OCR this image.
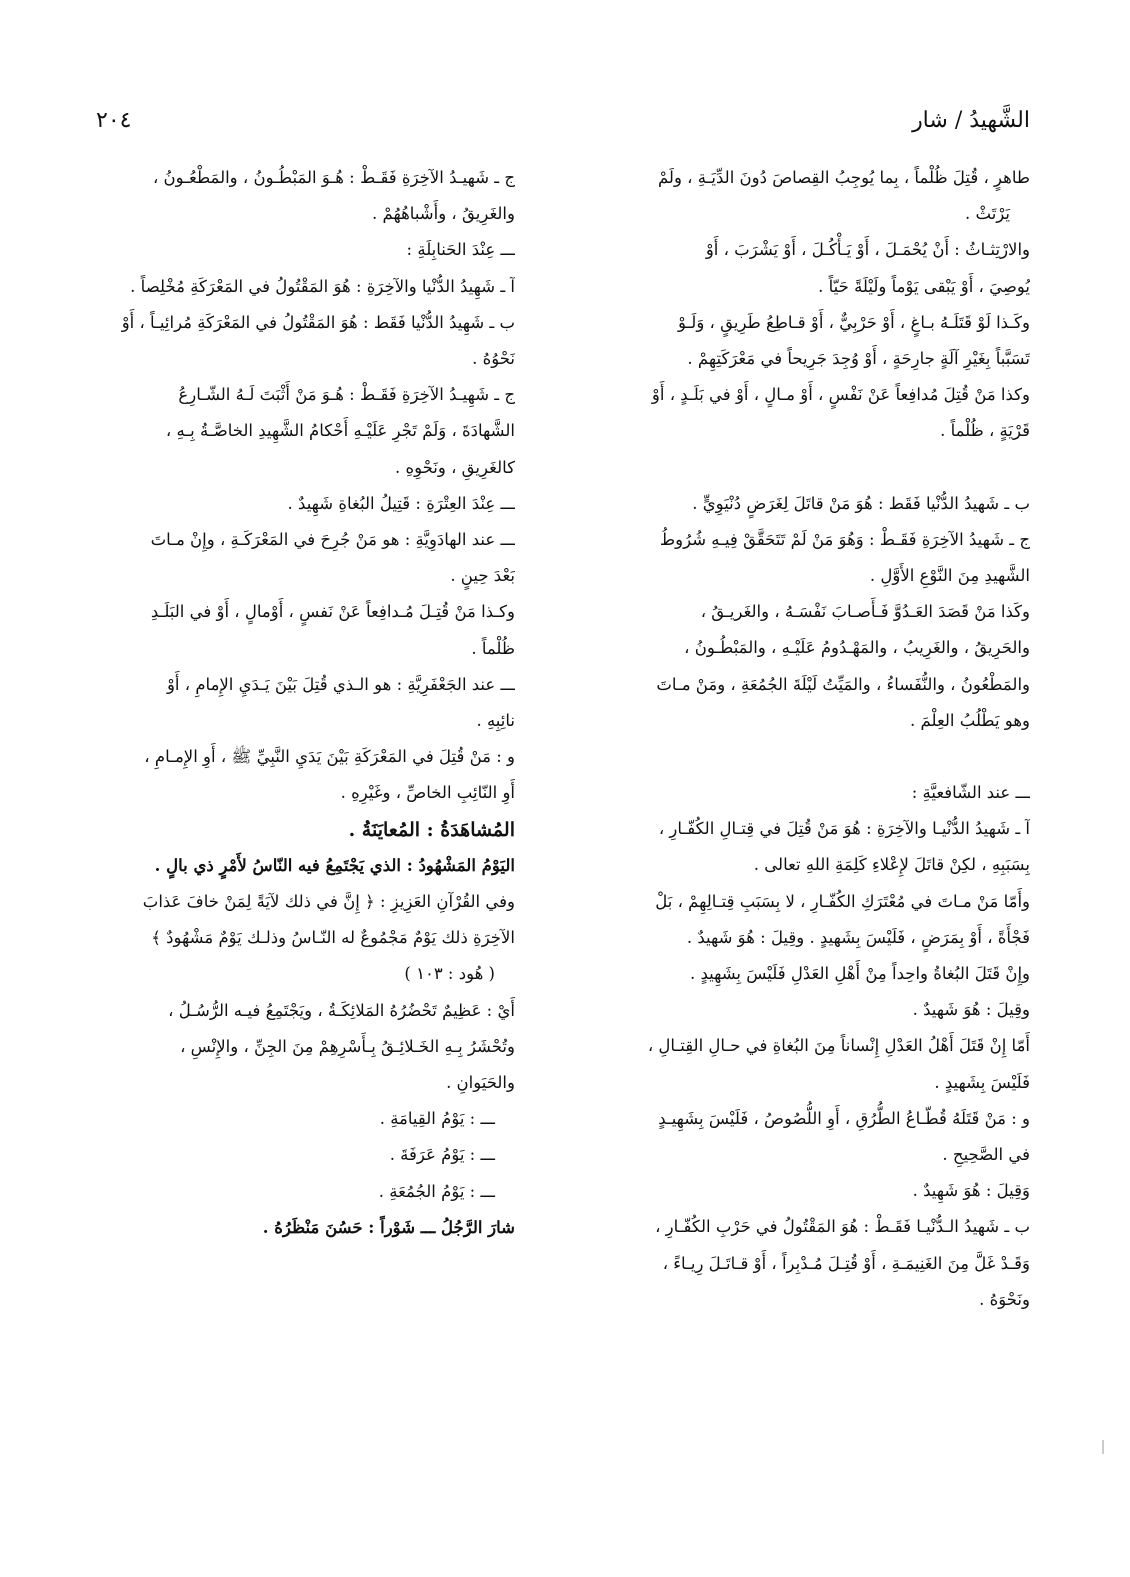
الشَّهيدُ / شار
٢٠٤
طاهرٍ ، قُتِلَ ظُلْماً ، بِما يُوجِبُ القِصاصَ دُونَ الدِّيَـةِ ، ولَمْ
يَرْتَثْ .
والارْتِثـاثُ : أَنْ يُحْمَـلَ ، أَوْ يَـأْكُـلَ ، أَوْ يَشْرَبَ ، أَوْ
يُوصِيَ ، أَوْ يَبْقى يَوْماً ولَيْلَةً حَيّاً .
وكَـذا لَوْ قَتَلَـهُ بـاغٍ ، أَوْ حَرْبِيٌّ ، أَوْ قـاطِعُ طَرِيقٍ ، وَلَـوْ
تَسَبَّباً بِغَيْرِ آلَةٍ جارِحَةٍ ، أَوْ وُجِدَ جَرِيحاً في مَعْرَكَتِهِمْ .
وكذا مَنْ قُتِلَ مُدافِعاً عَنْ نَفْسٍ ، أَوْ مـالٍ ، أَوْ في بَلَـدٍ ، أَوْ
قَرْيَةٍ ، ظُلْماً .
ب ـ شَهيدُ الدُّنْيا فَقَط : هُوَ مَنْ قاتَلَ لِغَرَضٍ دُنْيَوِيٍّ .
ج ـ شَهيدُ الآخِرَةِ فَقَـطْ : وَهُوَ مَنْ لَمْ تَتَحَقَّقْ فِيـهِ شُرُوطُ
الشَّهيدِ مِنَ النَّوْعِ الأَوَّلِ .
وكَذا مَنْ قَصَدَ العَـدُوَّ فَـأَصـابَ نَفْسَـهُ ، والغَريـقُ ،
والحَرِيقُ ، والغَرِيبُ ، والمَهْـدُومُ عَلَيْـهِ ، والمَبْطُـونُ ،
والمَطْعُونُ ، والنُّفَساءُ ، والمَيِّتُ لَيْلَةَ الجُمُعَةِ ، ومَنْ مـاتَ
وهو يَطْلُبُ العِلْمَ .
ـــ عند الشّافعيَّةِ :
آ ـ شَهيدُ الدُّنْيـا والآخِرَةِ : هُوَ مَنْ قُتِلَ في قِتـالِ الكُفّـارِ ،
بِسَبَبِهِ ، لكِنْ قاتَلَ لإِعْلاءِ كَلِمَةِ اللهِ تعالى .
وأَمّا مَنْ مـاتَ في مُعْتَرَكِ الكُفّـارِ ، لا بِسَبَبِ قِتـالِهِمْ ، بَلْ
فَجْأَةً ، أَوْ بِمَرَضٍ ، فَلَيْسَ بِشَهيدٍ . وقِيلَ : هُوَ شَهيدٌ .
وإِنْ قَتَلَ البُغاةُ واحِداً مِنْ أَهْلِ العَدْلِ فَلَيْسَ بِشَهِيدٍ .
وقِيلَ : هُوَ شَهيدٌ .
أَمّا إِنْ قَتَلَ أَهْلُ العَدْلِ إِنْساناً مِنَ البُغاةِ في حـالِ القِتـالِ ،
فَلَيْسَ بِشَهيدٍ .
و : مَنْ قَتَلَهُ قُطّـاعُ الطُّرُقِ ، أَوِ اللُّصُوصُ ، فَلَيْسَ بِشَهِيـدٍ
في الصَّحِيحِ .
وَقِيلَ : هُوَ شَهِيدٌ .
ب ـ شَهيدُ الـدُّنْيـا فَقَـطْ : هُوَ المَقْتُولُ في حَرْبِ الكُفّـارِ ،
وَقَـدْ غَلَّ مِنَ الغَنِيمَـةِ ، أَوْ قُتِـلَ مُـدْبِراً ، أَوْ قـاتَـلَ رِيـاءً ،
ونَحْوَهُ .
ج ـ شَهيـدُ الآخِرَةِ فَقَـطْ : هُـوَ المَبْطُـونُ ، والمَطْعُـونُ ،
والغَرِيقُ ، وأَشْباهُهُمْ .
ـــ عِنْدَ الحَنابِلَةِ :
آ ـ شَهِيدُ الدُّنْيا والآخِرَةِ : هُوَ المَقْتُولُ في المَعْرَكَةِ مُخْلِصاً .
ب ـ شَهِيدُ الدُّنْيا فَقَط : هُوَ المَقْتُولُ في المَعْرَكَةِ مُرائِيـاً ، أَوْ
نَحْوُهُ .
ج ـ شَهِيـدُ الآخِرَةِ فَقَـطْ : هُـوَ مَنْ أَثْبَتَ لَـهُ الشّـارِعُ
الشَّهادَةَ ، وَلَمْ تَجْرِ عَلَيْـهِ أَحْكامُ الشَّهِيدِ الخاصَّـةُ بِـهِ ،
كالغَرِيقِ ، ونَحْوِهِ .
ـــ عِنْدَ العِتْرَةِ : قَتِيلُ البُغاةِ شَهِيدٌ .
ـــ عند الهادَوِيَّةِ : هو مَنْ جُرِحَ في المَعْرَكَـةِ ، وإِنْ مـاتَ
بَعْدَ حِينٍ .
وكـذا مَنْ قُتِـلَ مُـدافِعاً عَنْ نَفسٍ ، أَوْمالٍ ، أَوْ في البَلَـدِ
ظُلْماً .
ـــ عند الجَعْفَرِيَّةِ : هو الـذي قُتِلَ بَيْنَ يَـدَيِ الإِمامِ ، أَوْ
نائِبِهِ .
و : مَنْ قُتِلَ في المَعْرَكَةِ بَيْنَ يَدَيِ النَّبِيِّ ﷺ ، أَوِ الإِمـامِ ،
أَوِ النّائِبِ الخاصِّ ، وغَيْرِهِ .
المُشاهَدَةُ : المُعايَنَةُ .
اليَوْمُ المَشْهُودُ : الذي يَجْتَمِعُ فيه النّاسُ لأَمْرٍ ذي بالٍ .
وفي القُرْآنِ العَزِيزِ : ﴿ إِنَّ في ذلك لآيَةً لِمَنْ خافَ عَذابَ
الآخِرَةِ ذلك يَوْمٌ مَجْمُوعٌ له النّـاسُ وذلـك يَوْمٌ مَشْهُودٌ ﴾
( هُود : ١٠٣ )
أَيْ : عَظِيمٌ تَحْضُرُهُ المَلائِكَـةُ ، ويَجْتَمِعُ فيـه الرُّسُـلُ ،
وتُحْشَرُ بِـهِ الخَـلائِـقُ بِـأَسْرِهِمْ مِنَ الجِنِّ ، والإِنْسِ ،
والحَيَوانِ .
ـــ : يَوْمُ القِيامَةِ .
ـــ : يَوْمُ عَرَفَةَ .
ـــ : يَوْمُ الجُمُعَةِ .
شارَ الرَّجُلُ ـــ شَوْراً : حَسُنَ مَنْظَرُهُ .
